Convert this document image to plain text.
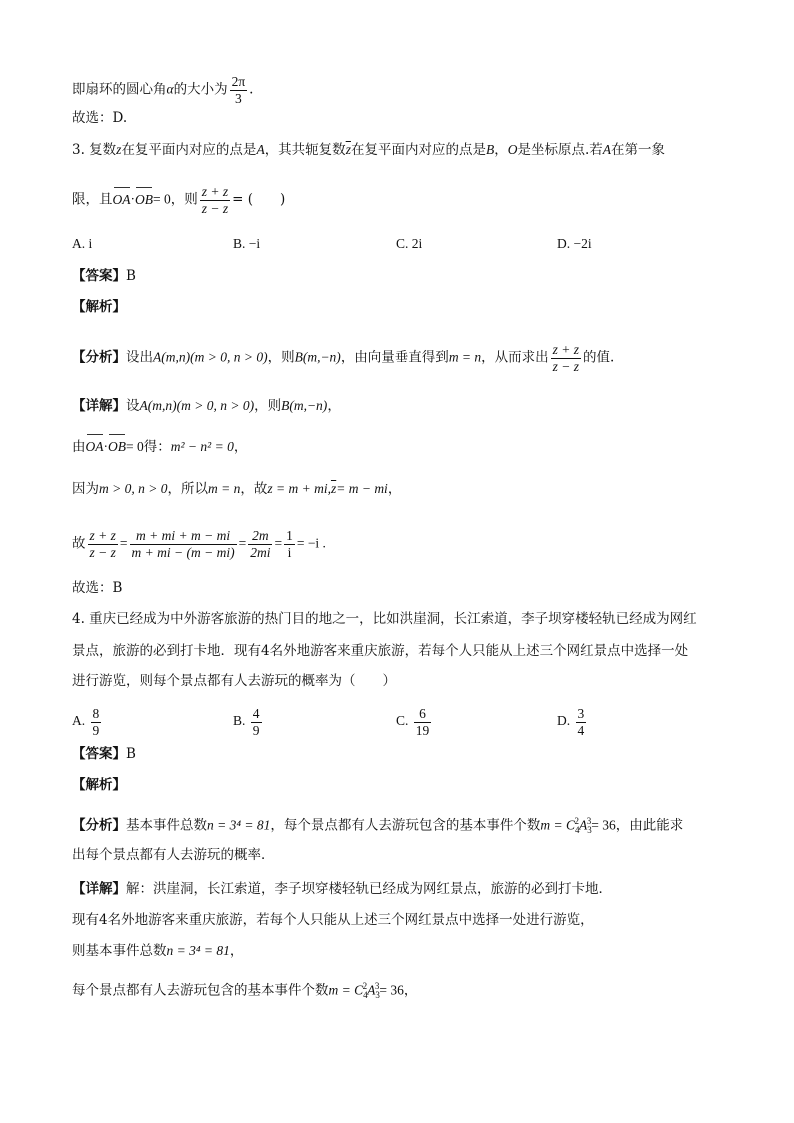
即扇环的圆心角α的大小为 $\frac{2\pi}{3}$ .
故选：D.
3. 复数z在复平面内对应的点是A，其共轭复数$\overline{z}$在复平面内对应的点是B，O是坐标原点.若A在第一象
限，且OA·OB= 0，则 $\frac{z + z}{z - z}$ = (　　)
A. i	B. −i	C. 2i	D. −2i
【答案】B
【解析】
【分析】设出A(m,n)(m > 0, n > 0)，则B(m,−n)，由向量垂直得到m = n，从而求出 $\frac{z + z}{z - z}$ 的值.
【详解】设A(m,n)(m > 0, n > 0)，则B(m,−n)，
由OA·OB= 0得：m² − n² = 0，
因为m > 0, n > 0，所以m = n，故$z = m + mi,\overline{z}= m$ − mi，
故 $\frac{z + z}{z - z} = \frac{m + mi + m - mi}{m + mi - (m - mi)} = \frac{2m}{2mi} = \frac{1}{i} = -i$ .
故选：B
4. 重庆已经成为中外游客旅游的热门目的地之一，比如洪崖洞，长江索道，李子坝穿楼轻轨已经成为网红
景点，旅游的必到打卡地．现有4名外地游客来重庆旅游，若每个人只能从上述三个网红景点中选择一处
进行游览，则每个景点都有人去游玩的概率为（　　）
A. $\frac{8}{9}$	B. $\frac{4}{9}$	C. $\frac{6}{19}$	D. $\frac{3}{4}$
【答案】B
【解析】
【分析】基本事件总数n = 3⁴ = 81，每个景点都有人去游玩包含的基本事件个数$m = C_4^2A_3^3= 36$，由此能求
出每个景点都有人去游玩的概率．
【详解】解：洪崖洞，长江索道，李子坝穿楼轻轨已经成为网红景点，旅游的必到打卡地．
现有4名外地游客来重庆旅游，若每个人只能从上述三个网红景点中选择一处进行游览，
则基本事件总数n = 3⁴ = 81，
每个景点都有人去游玩包含的基本事件个数$m = C_4^2A_3^3= 36$，
